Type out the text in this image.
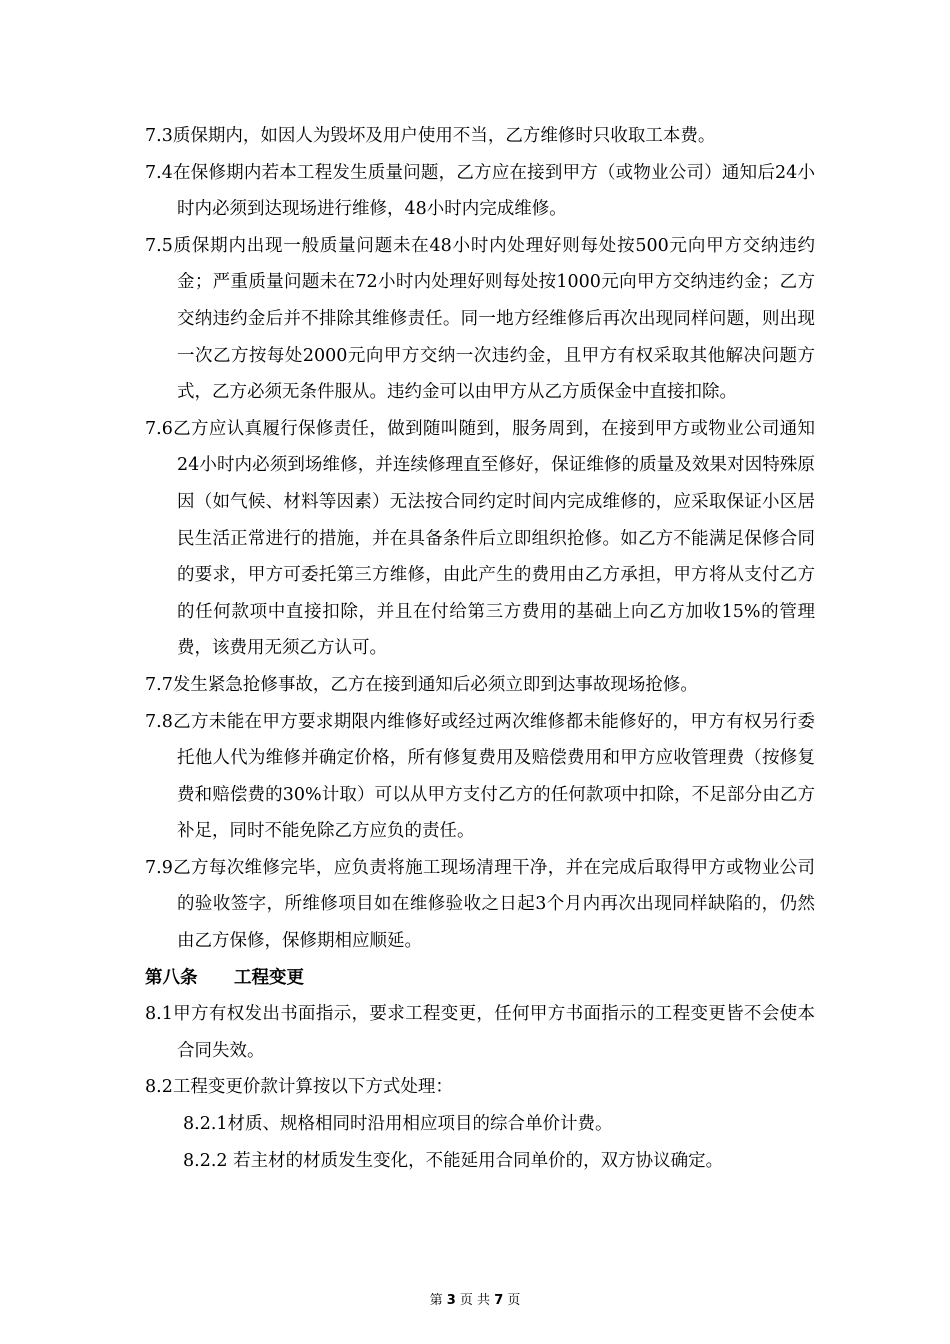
7.3质保期内，如因人为毁坏及用户使用不当，乙方维修时只收取工本费。

7.4在保修期内若本工程发生质量问题，乙方应在接到甲方（或物业公司）通知后24小时内必须到达现场进行维修，48小时内完成维修。

7.5质保期内出现一般质量问题未在48小时内处理好则每处按500元向甲方交纳违约金；严重质量问题未在72小时内处理好则每处按1000元向甲方交纳违约金；乙方交纳违约金后并不排除其维修责任。同一地方经维修后再次出现同样问题，则出现一次乙方按每处2000元向甲方交纳一次违约金，且甲方有权采取其他解决问题方式，乙方必须无条件服从。违约金可以由甲方从乙方质保金中直接扣除。

7.6乙方应认真履行保修责任，做到随叫随到，服务周到，在接到甲方或物业公司通知24小时内必须到场维修，并连续修理直至修好，保证维修的质量及效果对因特殊原因（如气候、材料等因素）无法按合同约定时间内完成维修的，应采取保证小区居民生活正常进行的措施，并在具备条件后立即组织抢修。如乙方不能满足保修合同的要求，甲方可委托第三方维修，由此产生的费用由乙方承担，甲方将从支付乙方的任何款项中直接扣除，并且在付给第三方费用的基础上向乙方加收15%的管理费，该费用无须乙方认可。

7.7发生紧急抢修事故，乙方在接到通知后必须立即到达事故现场抢修。

7.8乙方未能在甲方要求期限内维修好或经过两次维修都未能修好的，甲方有权另行委托他人代为维修并确定价格，所有修复费用及赔偿费用和甲方应收管理费（按修复费和赔偿费的30%计取）可以从甲方支付乙方的任何款项中扣除，不足部分由乙方补足，同时不能免除乙方应负的责任。

7.9乙方每次维修完毕，应负责将施工现场清理干净，并在完成后取得甲方或物业公司的验收签字，所维修项目如在维修验收之日起3个月内再次出现同样缺陷的，仍然由乙方保修，保修期相应顺延。

第八条      工程变更

8.1甲方有权发出书面指示，要求工程变更，任何甲方书面指示的工程变更皆不会使本合同失效。

8.2工程变更价款计算按以下方式处理：

8.2.1材质、规格相同时沿用相应项目的综合单价计费。

8.2.2 若主材的材质发生变化，不能延用合同单价的，双方协议确定。

第 3 页 共 7 页
